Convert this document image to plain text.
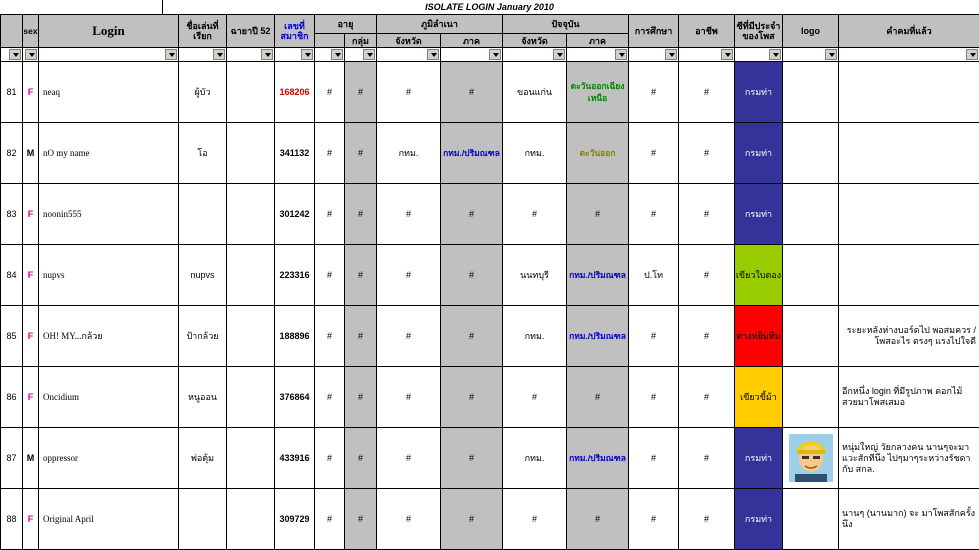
ISOLATE LOGIN January 2010
	sex	Login	ชื่อเล่นที่เรียก	ฉายาปี 52	เลขที่สมาชิก	อายุ		ภูมิลำเนา		ปัจจุบัน		การศึกษา	อาชีพ	ซีที่มีประจำของโพส	logo	คำคมที่แล้ว
							กลุ่ม	จังหวัด	ภาค	จังหวัด	ภาค					

81	F	neaq	ผู้บัว		168206	#	#	#	#	ขอนแก่น	ตะวันออกเฉียงเหนือ	#	#	กรมท่า		
82	M	nO my name	โอ		341132	#	#	กทม.	กทม./ปริมณฑล	กทม.	ตะวันออก	#	#	กรมท่า		
83	F	noonin555			301242	#	#	#	#	#	#	#	#	กรมท่า		
84	F	nupvs	nupvs		223316	#	#	#	#	นนทบุรี	กทม./ปริมณฑล	ป.โท	#	เขียวใบตอง		
85	F	OH! MY...กล้วย	ป้ากล้วย		188896	#	#	#	#	กทม.	กทม./ปริมณฑล	#	#	ต่างหยิมทิม		ระยะหลังห่างบอร์ดไป พอสมควร / โพสอะไร ตรงๆ แรงไปใจดี
86	F	Oncidium	หนูออน		376864	#	#	#	#	#	#	#	#	เขียวขี้ม้า		อีกหนึ่ง login ที่มีรูปภาพ ดอกไม้สวยมาโพสเสมอ
87	M	oppressor	พ่อตุ้ม		433916	#	#	#	#	กทม.	กทม./ปริมณฑล	#	#	กรมท่า		หนุ่มใหญ่ วัยกลางคน นานๆจะมาแวะสักทีนึง ไปๆมาๆระหว่างรัชดากับ สกล.
88	F	Original April			309729	#	#	#	#	#	#	#	#	กรมท่า		นานๆ (นานมาก) จะ มาโพสสักครั้งนึง
